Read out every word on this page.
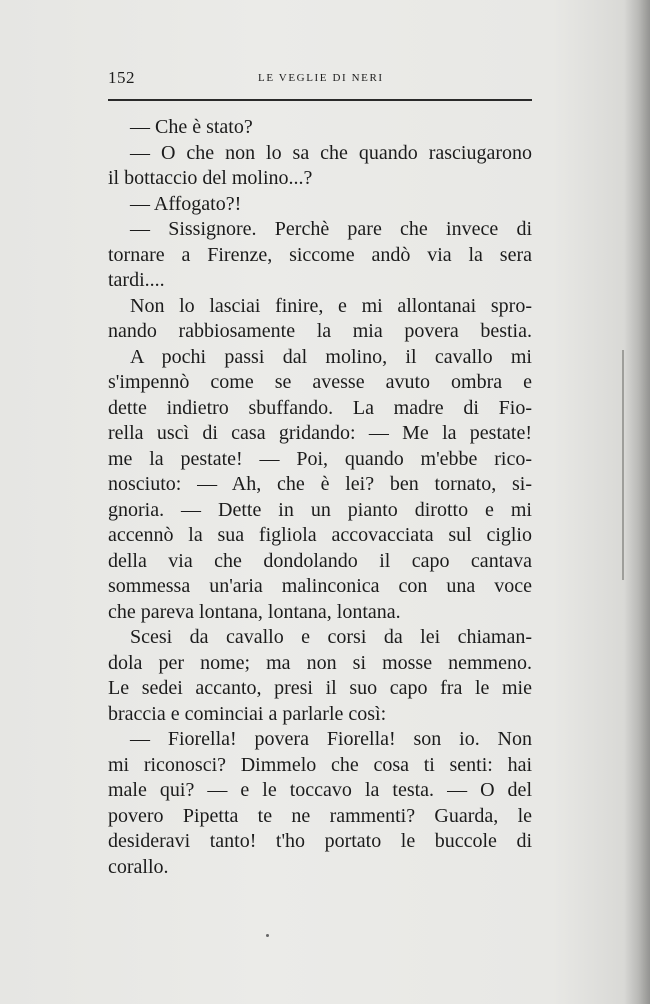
152	LE VEGLIE DI NERI
— Che è stato?
— O che non lo sa che quando rasciugarono
il bottaccio del molino...?
— Affogato?!
— Sissignore. Perchè pare che invece di
tornare a Firenze, siccome andò via la sera
tardi....
Non lo lasciai finire, e mi allontanai spro-
nando rabbiosamente la mia povera bestia.
A pochi passi dal molino, il cavallo mi
s'impennò come se avesse avuto ombra e
dette indietro sbuffando. La madre di Fio-
rella uscì di casa gridando: — Me la pestate!
me la pestate! — Poi, quando m'ebbe rico-
nosciuto: — Ah, che è lei? ben tornato, si-
gnoria. — Dette in un pianto dirotto e mi
accennò la sua figliola accovacciata sul ciglio
della via che dondolando il capo cantava
sommessa un'aria malinconica con una voce
che pareva lontana, lontana, lontana.
Scesi da cavallo e corsi da lei chiaman-
dola per nome; ma non si mosse nemmeno.
Le sedei accanto, presi il suo capo fra le mie
braccia e cominciai a parlarle così:
— Fiorella! povera Fiorella! son io. Non
mi riconosci? Dimmelo che cosa ti senti: hai
male qui? — e le toccavo la testa. — O del
povero Pipetta te ne rammenti? Guarda, le
desideravi tanto! t'ho portato le buccole di
corallo.
